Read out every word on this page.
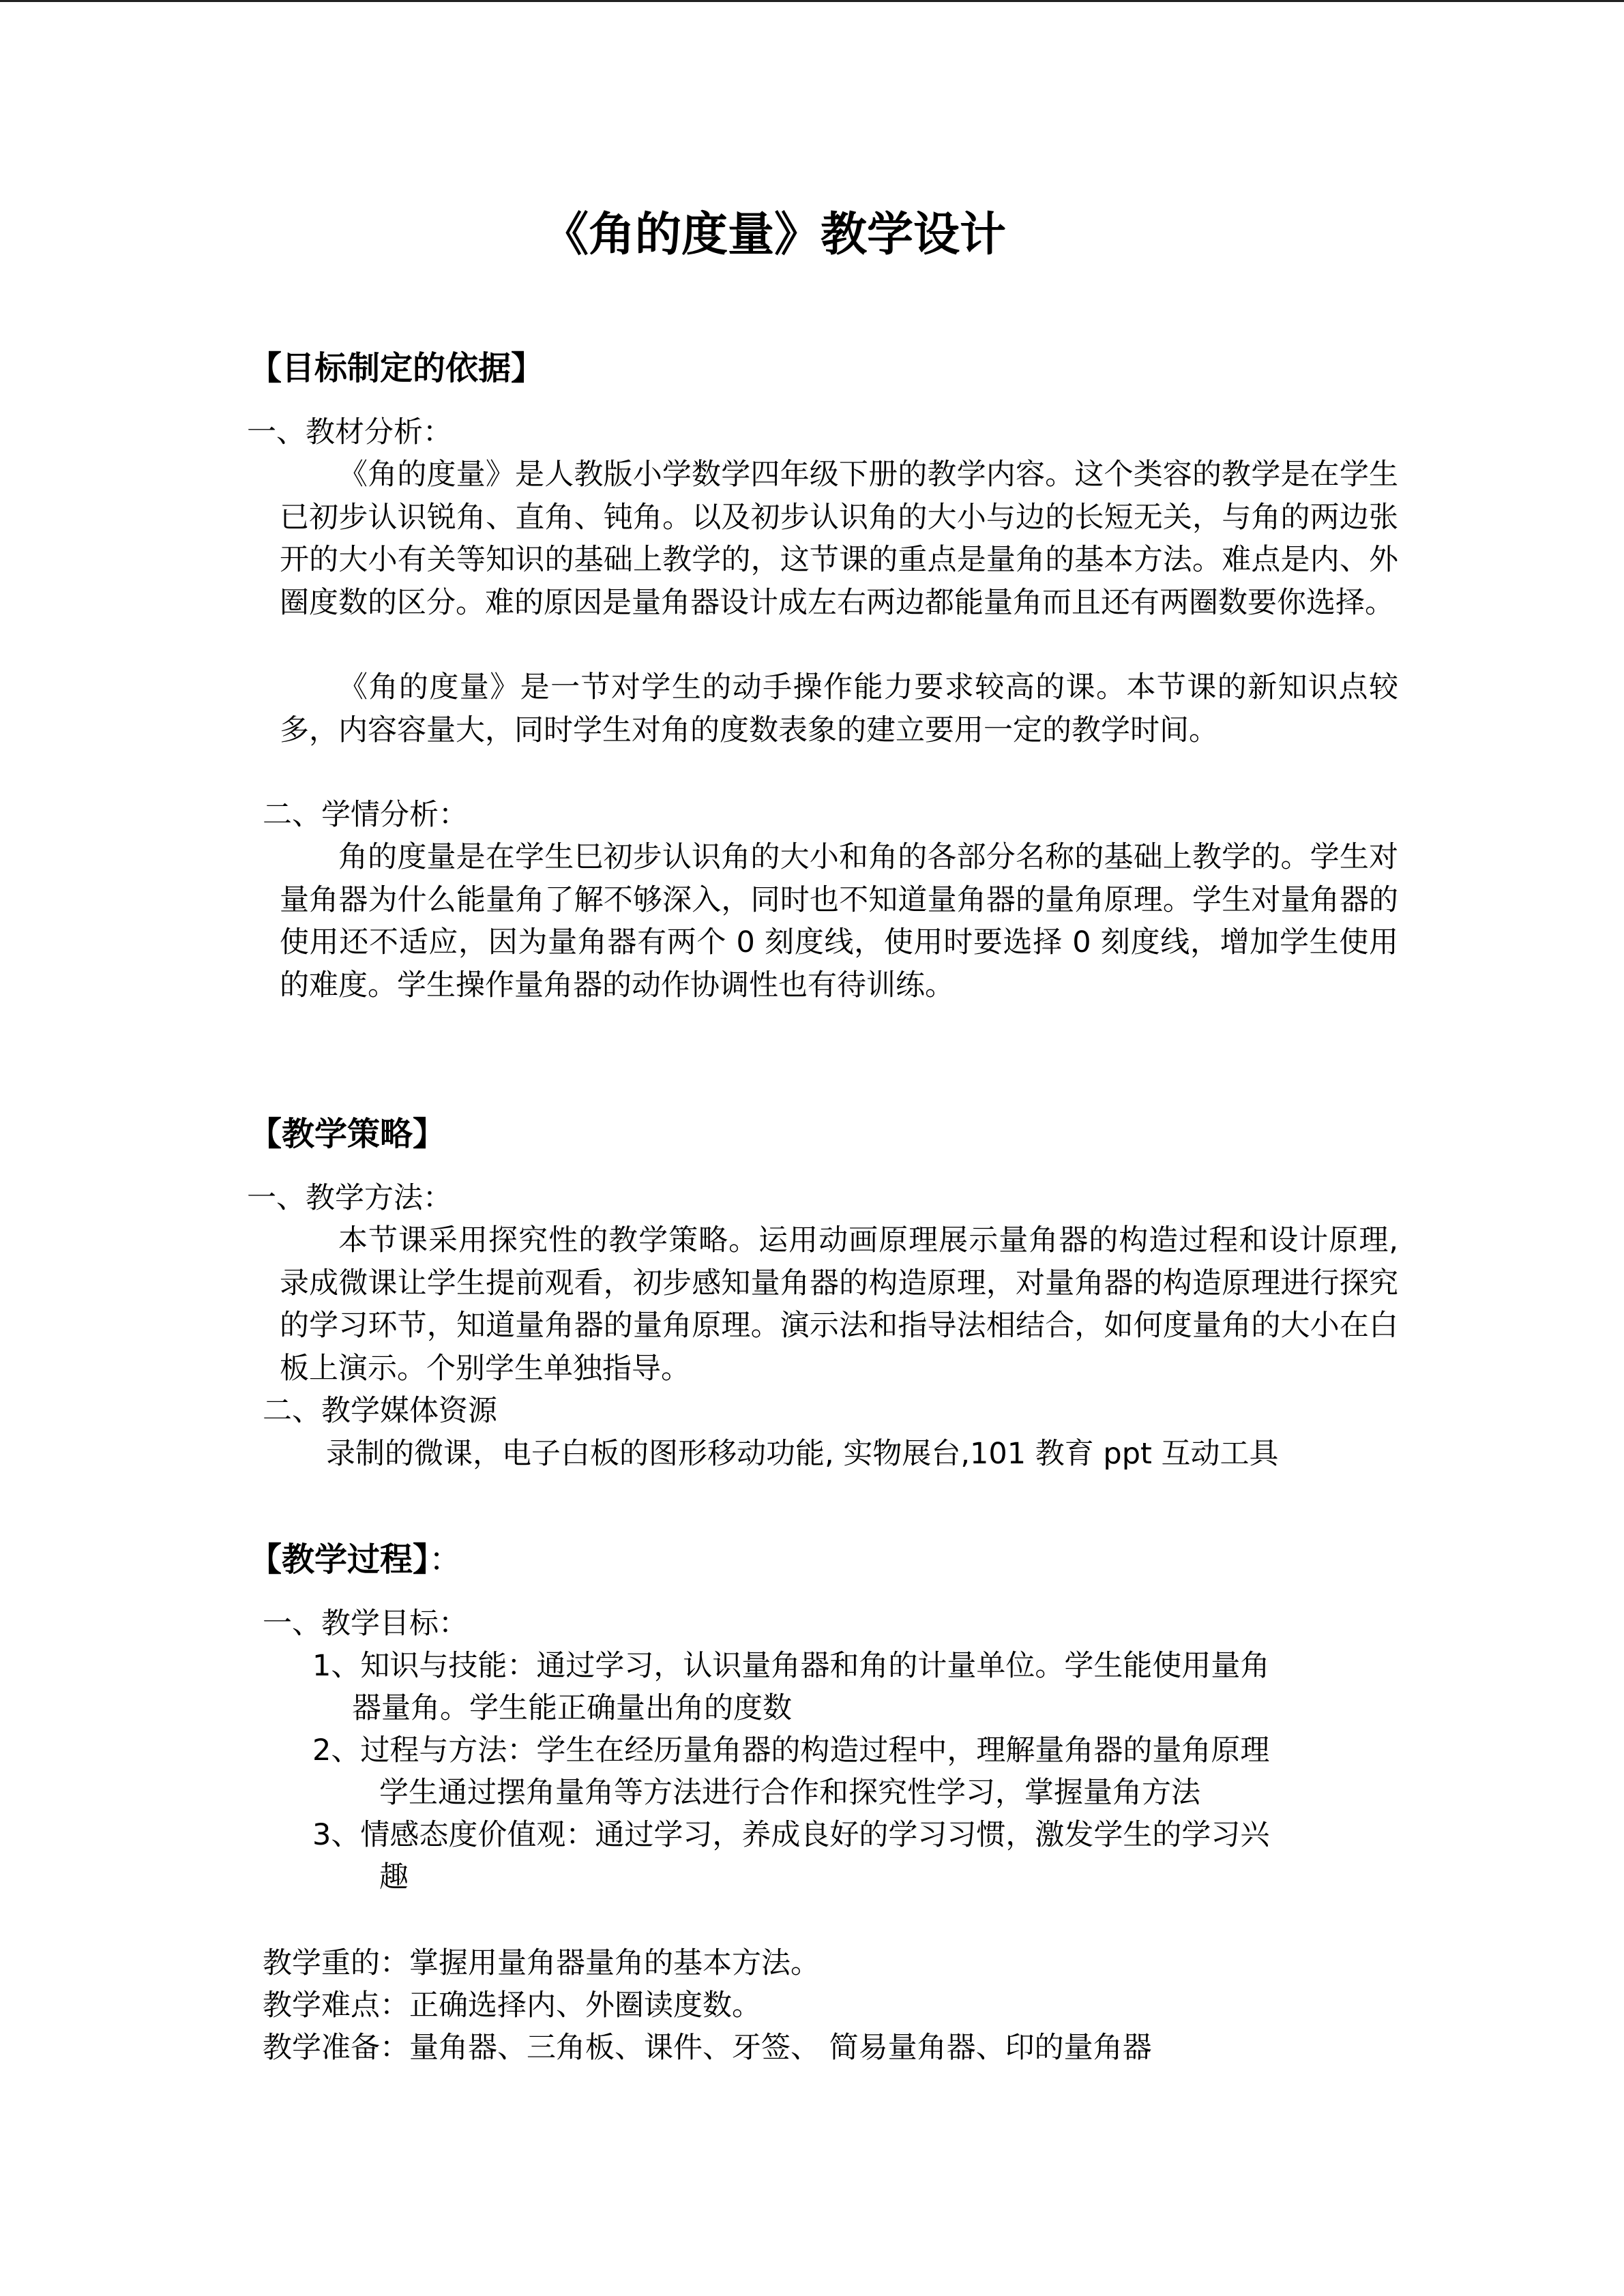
《角的度量》教学设计
【目标制定的依据】
一、教材分析：
《角的度量》是人教版小学数学四年级下册的教学内容。这个类容的教学是在学生已初步认识锐角、直角、钝角。以及初步认识角的大小与边的长短无关，与角的两边张开的大小有关等知识的基础上教学的，这节课的重点是量角的基本方法。难点是内、外圈度数的区分。难的原因是量角器设计成左右两边都能量角而且还有两圈数要你选择。
《角的度量》是一节对学生的动手操作能力要求较高的课。本节课的新知识点较多，内容容量大，同时学生对角的度数表象的建立要用一定的教学时间。
二、学情分析：
角的度量是在学生巳初步认识角的大小和角的各部分名称的基础上教学的。学生对量角器为什么能量角了解不够深入，同时也不知道量角器的量角原理。学生对量角器的使用还不适应，因为量角器有两个 0 刻度线，使用时要选择 0 刻度线，增加学生使用的难度。学生操作量角器的动作协调性也有待训练。
【教学策略】
一、教学方法：
本节课采用探究性的教学策略。运用动画原理展示量角器的构造过程和设计原理,录成微课让学生提前观看，初步感知量角器的构造原理，对量角器的构造原理进行探究的学习环节，知道量角器的量角原理。演示法和指导法相结合，如何度量角的大小在白板上演示。个别学生单独指导。
二、教学媒体资源
录制的微课，电子白板的图形移动功能, 实物展台,101 教育 ppt 互动工具
【教学过程】：
一、教学目标：
1、知识与技能：通过学习，认识量角器和角的计量单位。学生能使用量角
器量角。学生能正确量出角的度数
2、过程与方法：学生在经历量角器的构造过程中，理解量角器的量角原理
学生通过摆角量角等方法进行合作和探究性学习，掌握量角方法
3、情感态度价值观：通过学习，养成良好的学习习惯，激发学生的学习兴
趣
教学重的：掌握用量角器量角的基本方法。
教学难点：正确选择内、外圈读度数。
教学准备：量角器、三角板、课件、牙签、 简易量角器、印的量角器
